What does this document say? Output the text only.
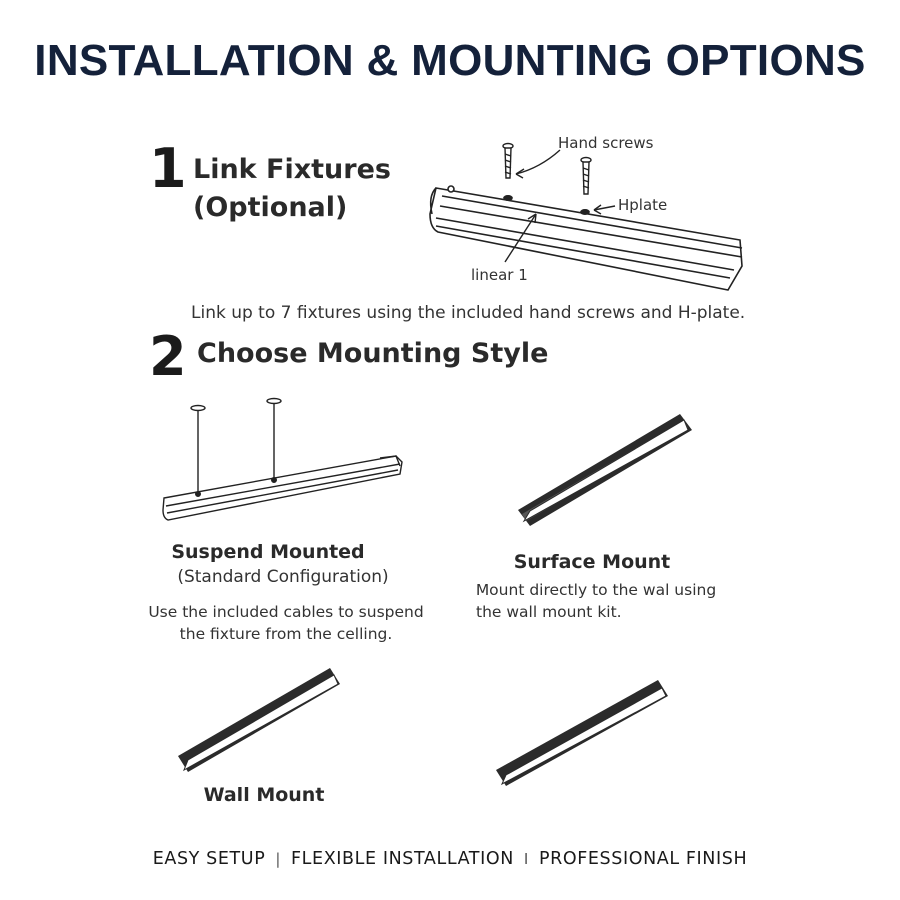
INSTALLATION & MOUNTING OPTIONS
1 Link Fixtures
(Optional)
Hand screws
Hplate
linear 1
Link up to 7 fixtures using the included hand screws and H-plate.
2 Choose Mounting Style
Suspend Mounted
(Standard Configuration)
Use the included cables to suspend
the fixture from the celling.
Surface Mount
Mount directly to the wal using
the wall mount kit.
Wall Mount
EASY SETUP | FLEXIBLE INSTALLATION I PROFESSIONAL FINISH
